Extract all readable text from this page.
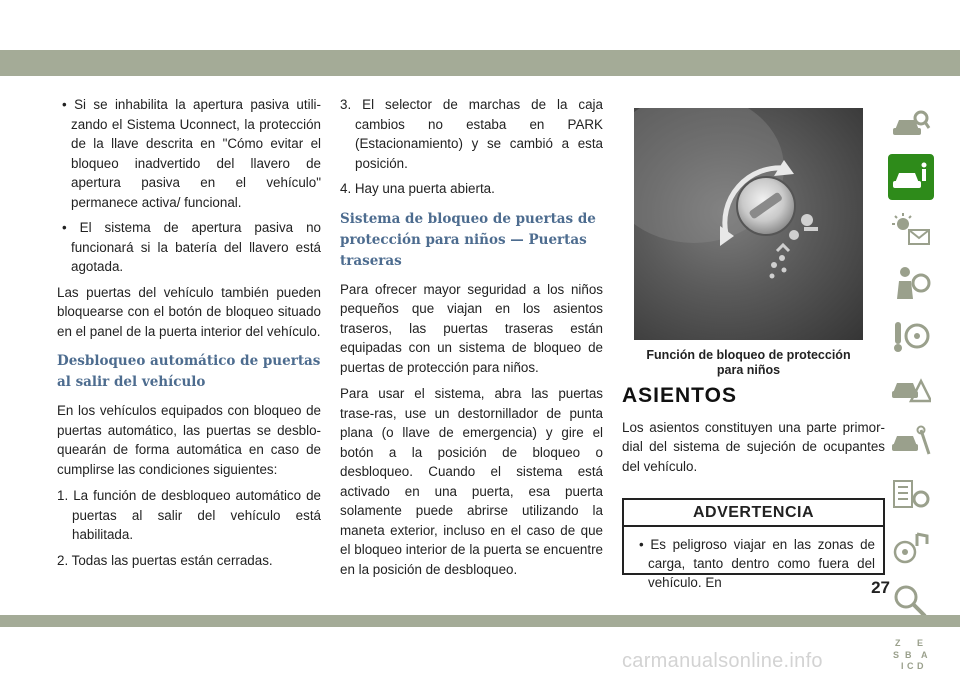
• Si se inhabilita la apertura pasiva utili-zando el Sistema Uconnect, la protección de la llave descrita en "Cómo evitar el bloqueo inadvertido del llavero de apertura pasiva en el vehículo" permanece activa/ funcional.
• El sistema de apertura pasiva no funcionará si la batería del llavero está agotada.

Las puertas del vehículo también pueden bloquearse con el botón de bloqueo situado en el panel de la puerta interior del vehículo.

Desbloqueo automático de puertas al salir del vehículo

En los vehículos equipados con bloqueo de puertas automático, las puertas se desblo-quearán de forma automática en caso de cumplirse las condiciones siguientes:

1. La función de desbloqueo automático de puertas al salir del vehículo está habilitada.
2. Todas las puertas están cerradas.
3. El selector de marchas de la caja cambios no estaba en PARK (Estacionamiento) y se cambió a esta posición.
4. Hay una puerta abierta.
Sistema de bloqueo de puertas de protección para niños — Puertas traseras

Para ofrecer mayor seguridad a los niños pequeños que viajan en los asientos traseros, las puertas traseras están equipadas con un sistema de bloqueo de puertas de protección para niños.

Para usar el sistema, abra las puertas trase-ras, use un destornillador de punta plana (o llave de emergencia) y gire el botón a la posición de bloqueo o desbloqueo. Cuando el sistema está activado en una puerta, esa puerta solamente puede abrirse utilizando la maneta exterior, incluso en el caso de que el bloqueo interior de la puerta se encuentre en la posición de desbloqueo.

Función de bloqueo de protección para niños
ASIENTOS

Los asientos constituyen una parte primor-dial del sistema de sujeción de ocupantes del vehículo.

ADVERTENCIA
• Es peligroso viajar en las zonas de carga, tanto dentro como fuera del vehículo. En
Z E
S B A
I C D
27
carmanualsonline.info
